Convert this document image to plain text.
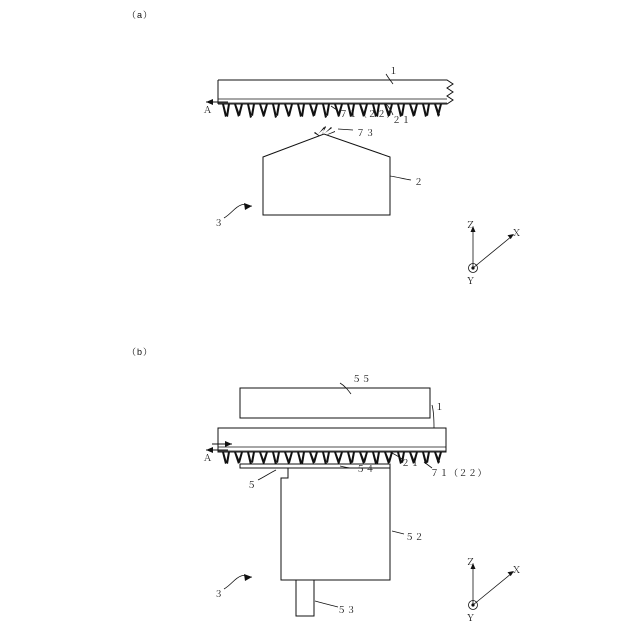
（a）
（b）
１
Ａ	７１（２２）
２１
７３
２
３	Ｚ
Ｘ
Ｙ
５５
１
Ａ
５４
２１
７１（２２）
５
５２
３
５３
Ｚ
Ｘ
Ｙ
